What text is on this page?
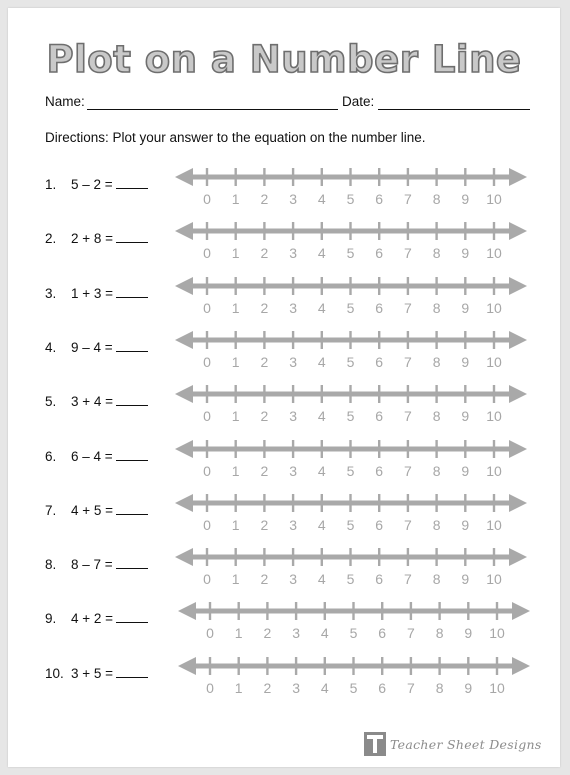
Plot on a Number Line
Name:	Date:
Directions: Plot your answer to the equation on the number line.
1. 5 – 2 =
0 1 2 3 4 5 6 7 8 9 10
2. 2 + 8 =
0 1 2 3 4 5 6 7 8 9 10
3. 1 + 3 =
0 1 2 3 4 5 6 7 8 9 10
4. 9 – 4 =
0 1 2 3 4 5 6 7 8 9 10
5. 3 + 4 =
0 1 2 3 4 5 6 7 8 9 10
6. 6 – 4 =
0 1 2 3 4 5 6 7 8 9 10
7. 4 + 5 =
0 1 2 3 4 5 6 7 8 9 10
8. 8 – 7 =
0 1 2 3 4 5 6 7 8 9 10
9. 4 + 2 =
0 1 2 3 4 5 6 7 8 9 10
10. 3 + 5 =
0 1 2 3 4 5 6 7 8 9 10
Teacher Sheet Designs
